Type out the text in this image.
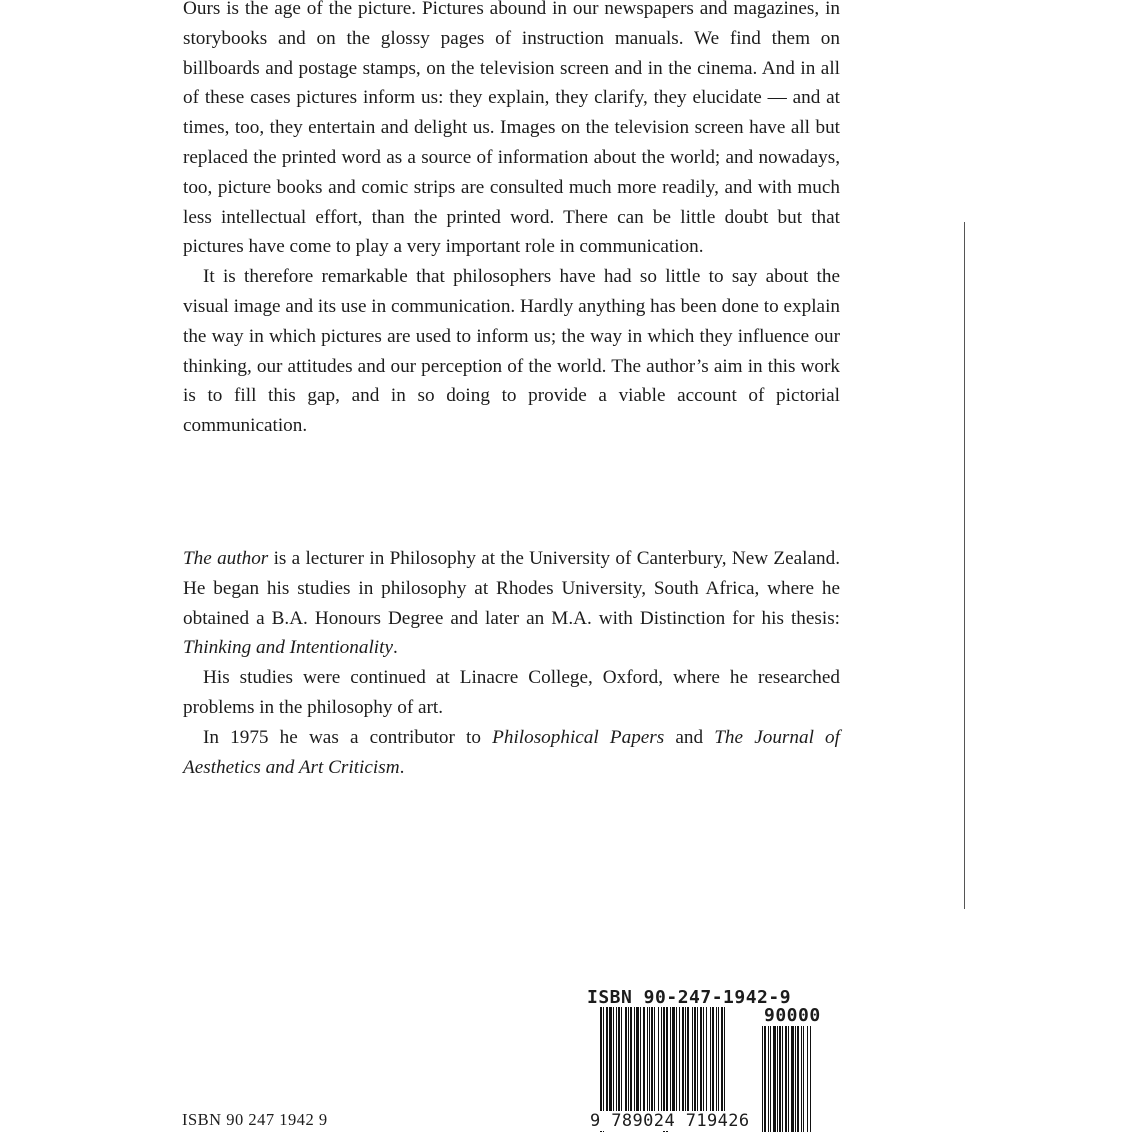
Ours is the age of the picture. Pictures abound in our newspapers and magazines, in storybooks and on the glossy pages of instruction manuals. We find them on billboards and postage stamps, on the television screen and in the cinema. And in all of these cases pictures inform us: they explain, they clarify, they elucidate — and at times, too, they entertain and delight us. Images on the television screen have all but replaced the printed word as a source of information about the world; and nowadays, too, picture books and comic strips are consulted much more readily, and with much less intellectual effort, than the printed word. There can be little doubt but that pictures have come to play a very important role in communication.

It is therefore remarkable that philosophers have had so little to say about the visual image and its use in communication. Hardly anything has been done to explain the way in which pictures are used to inform us; the way in which they influence our thinking, our attitudes and our perception of the world. The author’s aim in this work is to fill this gap, and in so doing to provide a viable account of pictorial communication.

The author is a lecturer in Philosophy at the University of Canterbury, New Zealand. He began his studies in philosophy at Rhodes University, South Africa, where he obtained a B.A. Honours Degree and later an M.A. with Distinction for his thesis: Thinking and Intentionality.

His studies were continued at Linacre College, Oxford, where he researched problems in the philosophy of art.

In 1975 he was a contributor to Philosophical Papers and The Journal of Aesthetics and Art Criticism.

ISBN 90 247 1942 9
ISBN 90-247-1942-9
90000
9 789024 719426
